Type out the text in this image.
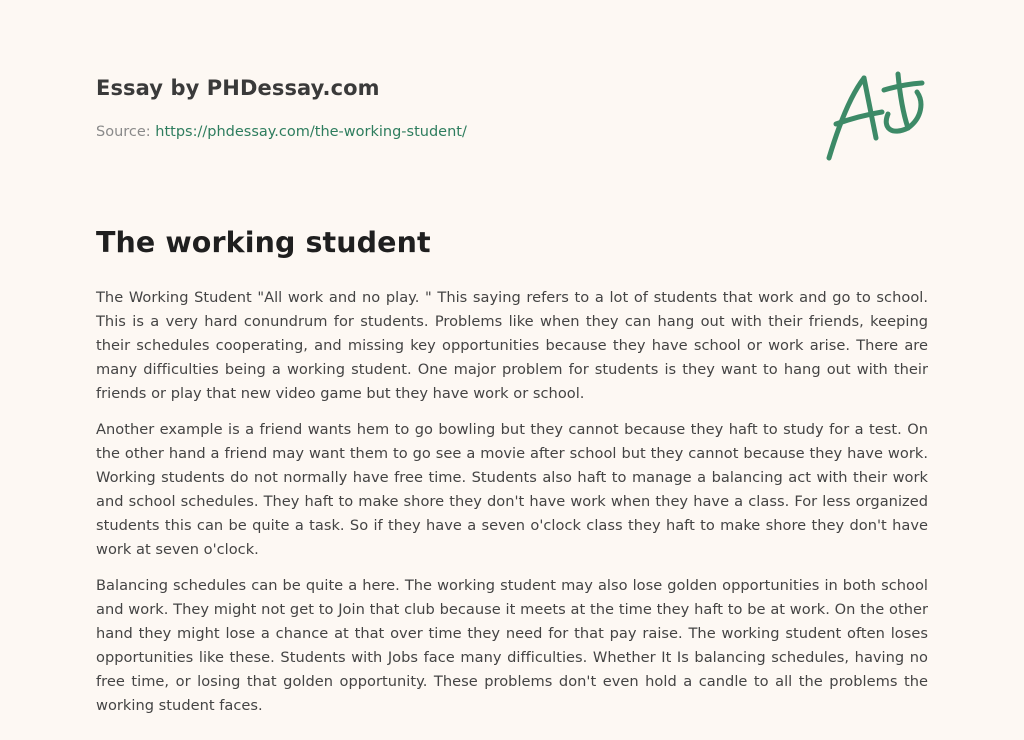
Essay by PHDessay.com
Source: https://phdessay.com/the-working-student/
The working student

The Working Student "All work and no play. " This saying refers to a lot of students that work and go to school. This is a very hard conundrum for students. Problems like when they can hang out with their friends, keeping their schedules cooperating, and missing key opportunities because they have school or work arise. There are many difficulties being a working student. One major problem for students is they want to hang out with their friends or play that new video game but they have work or school.

Another example is a friend wants hem to go bowling but they cannot because they haft to study for a test. On the other hand a friend may want them to go see a movie after school but they cannot because they have work. Working students do not normally have free time. Students also haft to manage a balancing act with their work and school schedules. They haft to make shore they don't have work when they have a class. For less organized students this can be quite a task. So if they have a seven o'clock class they haft to make shore they don't have work at seven o'clock.

Balancing schedules can be quite a here. The working student may also lose golden opportunities in both school and work. They might not get to Join that club because it meets at the time they haft to be at work. On the other hand they might lose a chance at that over time they need for that pay raise. The working student often loses opportunities like these. Students with Jobs face many difficulties. Whether It Is balancing schedules, having no free time, or losing that golden opportunity. These problems don't even hold a candle to all the problems the working student faces.
